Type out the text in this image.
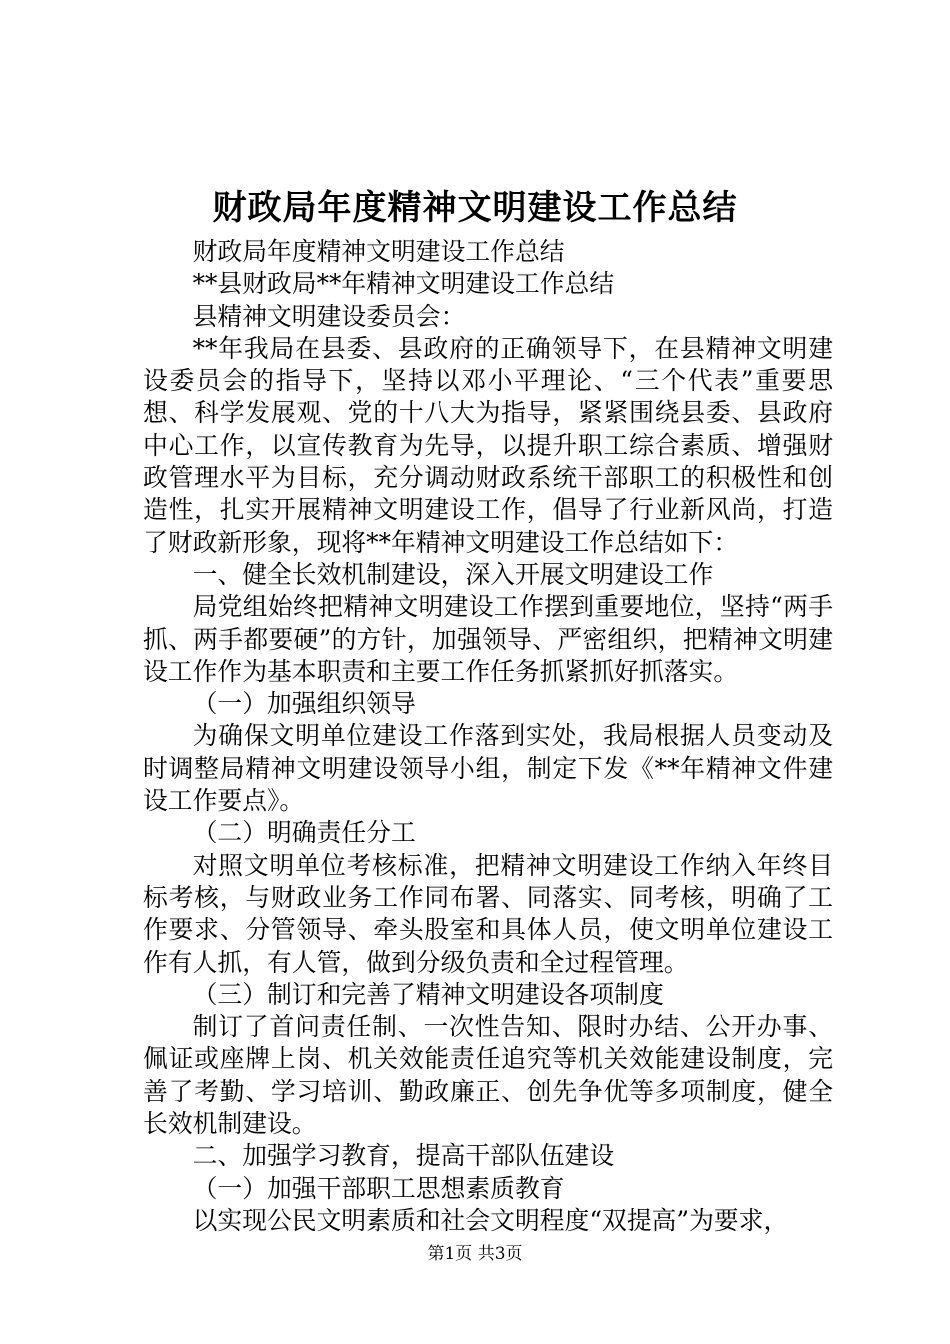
财政局年度精神文明建设工作总结

财政局年度精神文明建设工作总结

**县财政局**年精神文明建设工作总结

县精神文明建设委员会：

**年我局在县委、县政府的正确领导下，在县精神文明建设委员会的指导下，坚持以邓小平理论、“三个代表”重要思想、科学发展观、党的十八大为指导，紧紧围绕县委、县政府中心工作，以宣传教育为先导，以提升职工综合素质、增强财政管理水平为目标，充分调动财政系统干部职工的积极性和创造性，扎实开展精神文明建设工作，倡导了行业新风尚，打造了财政新形象，现将**年精神文明建设工作总结如下：

一、健全长效机制建设，深入开展文明建设工作

局党组始终把精神文明建设工作摆到重要地位，坚持“两手抓、两手都要硬”的方针，加强领导、严密组织，把精神文明建设工作作为基本职责和主要工作任务抓紧抓好抓落实。

（一）加强组织领导

为确保文明单位建设工作落到实处，我局根据人员变动及时调整局精神文明建设领导小组，制定下发《**年精神文件建设工作要点》。

（二）明确责任分工

对照文明单位考核标准，把精神文明建设工作纳入年终目标考核，与财政业务工作同布署、同落实、同考核，明确了工作要求、分管领导、牵头股室和具体人员，使文明单位建设工作有人抓，有人管，做到分级负责和全过程管理。

（三）制订和完善了精神文明建设各项制度

制订了首问责任制、一次性告知、限时办结、公开办事、佩证或座牌上岗、机关效能责任追究等机关效能建设制度，完善了考勤、学习培训、勤政廉正、创先争优等多项制度，健全长效机制建设。

二、加强学习教育，提高干部队伍建设

（一）加强干部职工思想素质教育

以实现公民文明素质和社会文明程度“双提高”为要求，

第1页 共3页
